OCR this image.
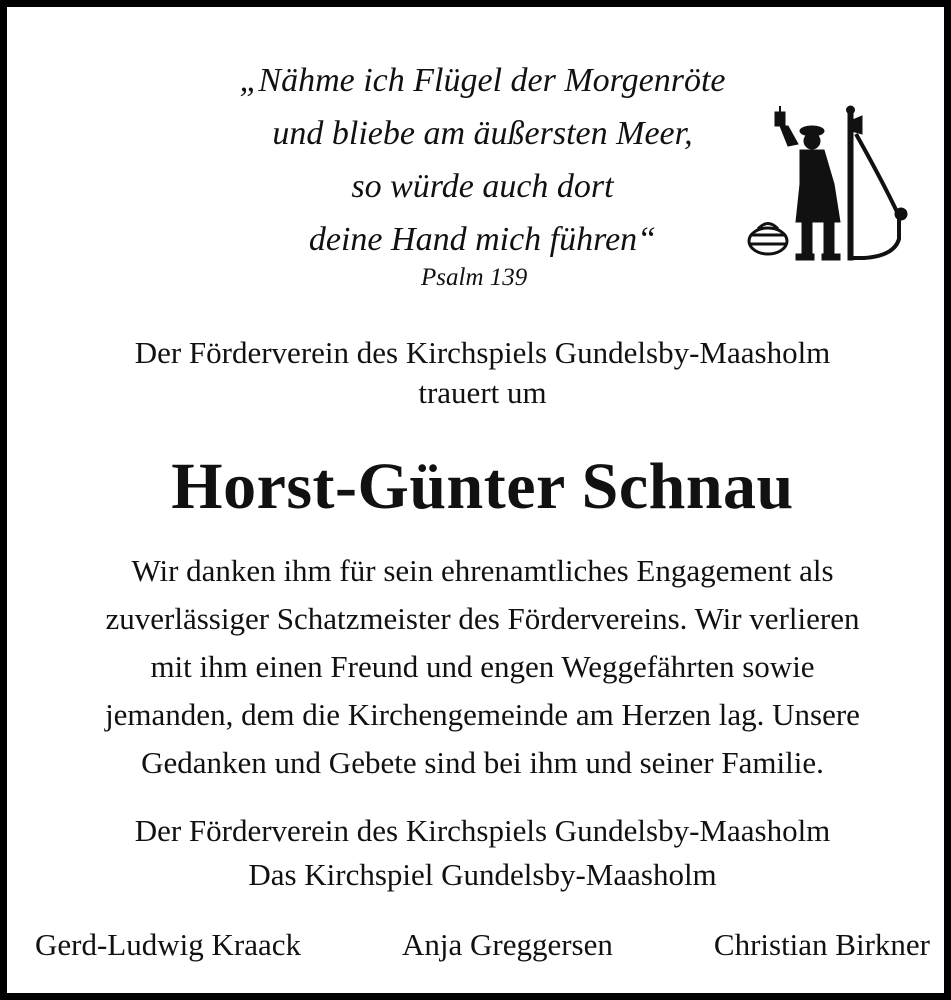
„Nähme ich Flügel der Morgenröte
und bliebe am äußersten Meer,
so würde auch dort
deine Hand mich führen“
Psalm 139
Der Förderverein des Kirchspiels Gundelsby-Maasholm
trauert um
Horst-Günter Schnau
Wir danken ihm für sein ehrenamtliches Engagement als
zuverlässiger Schatzmeister des Fördervereins. Wir verlieren
mit ihm einen Freund und engen Weggefährten sowie
jemanden, dem die Kirchengemeinde am Herzen lag. Unsere
Gedanken und Gebete sind bei ihm und seiner Familie.
Der Förderverein des Kirchspiels Gundelsby-Maasholm
Das Kirchspiel Gundelsby-Maasholm
Gerd-Ludwig Kraack	Anja Greggersen	Christian Birkner
